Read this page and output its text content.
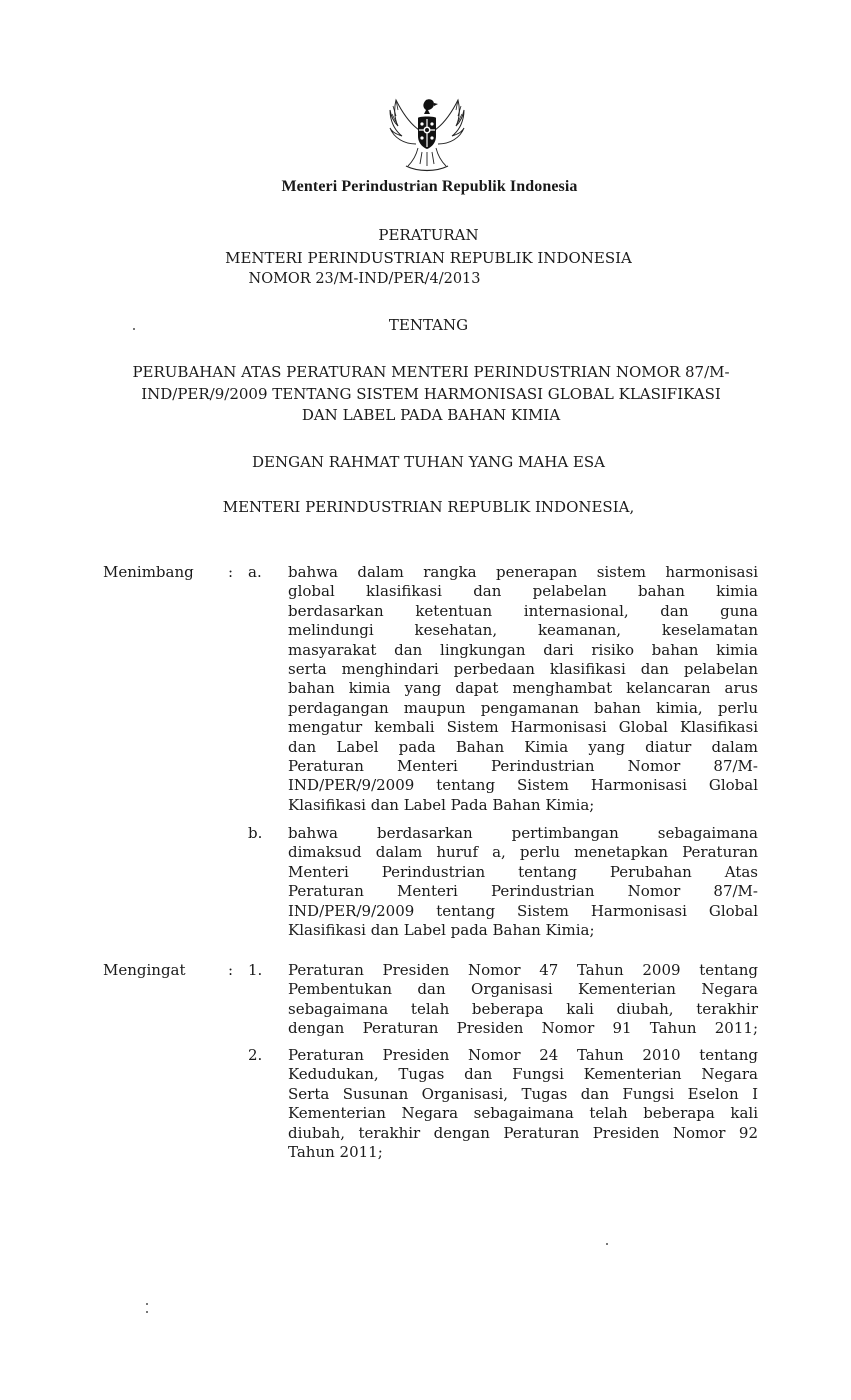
Menteri Perindustrian Republik Indonesia
PERATURAN
MENTERI PERINDUSTRIAN REPUBLIK INDONESIA
NOMOR 23/M-IND/PER/4/2013
TENTANG
PERUBAHAN ATAS PERATURAN MENTERI PERINDUSTRIAN NOMOR 87/M-
IND/PER/9/2009 TENTANG SISTEM HARMONISASI GLOBAL KLASIFIKASI
DAN LABEL PADA BAHAN KIMIA
DENGAN RAHMAT TUHAN YANG MAHA ESA
MENTERI PERINDUSTRIAN REPUBLIK INDONESIA,
Menimbang : a. bahwa dalam rangka penerapan sistem harmonisasi
global klasifikasi dan pelabelan bahan kimia
berdasarkan ketentuan internasional, dan guna
melindungi kesehatan, keamanan, keselamatan
masyarakat dan lingkungan dari risiko bahan kimia
serta menghindari perbedaan klasifikasi dan pelabelan
bahan kimia yang dapat menghambat kelancaran arus
perdagangan maupun pengamanan bahan kimia, perlu
mengatur kembali Sistem Harmonisasi Global Klasifikasi
dan Label pada Bahan Kimia yang diatur dalam
Peraturan Menteri Perindustrian Nomor 87/M-
IND/PER/9/2009 tentang Sistem Harmonisasi Global
Klasifikasi dan Label Pada Bahan Kimia;
b. bahwa berdasarkan pertimbangan sebagaimana
dimaksud dalam huruf a, perlu menetapkan Peraturan
Menteri Perindustrian tentang Perubahan Atas
Peraturan Menteri Perindustrian Nomor 87/M-
IND/PER/9/2009 tentang Sistem Harmonisasi Global
Klasifikasi dan Label pada Bahan Kimia;
Mengingat	: 1. Peraturan Presiden Nomor 47 Tahun 2009 tentang
Pembentukan dan Organisasi Kementerian Negara
sebagaimana telah beberapa kali diubah, terakhir
dengan Peraturan Presiden Nomor 91 Tahun 2011;
2. Peraturan Presiden Nomor 24 Tahun 2010 tentang
Kedudukan, Tugas dan Fungsi Kementerian Negara
Serta Susunan Organisasi, Tugas dan Fungsi Eselon I
Kementerian Negara sebagaimana telah beberapa kali
diubah, terakhir dengan Peraturan Presiden Nomor 92
Tahun 2011;
